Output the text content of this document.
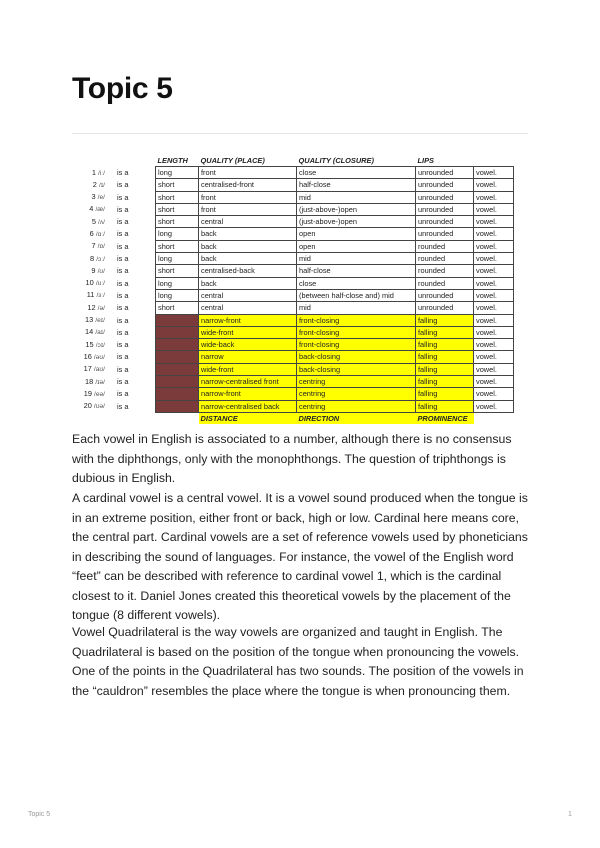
Topic 5
		LENGTH	QUALITY (PLACE)	QUALITY (CLOSURE)	LIPS	
1 /iː/	is a	long	front	close	unrounded	vowel.
2 /ɪ/	is a	short	centralised-front	half-close	unrounded	vowel.
3 /e/	is a	short	front	mid	unrounded	vowel.
4 /æ/	is a	short	front	(just-above-)open	unrounded	vowel.
5 /ʌ/	is a	short	central	(just-above-)open	unrounded	vowel.
6 /ɑː/	is a	long	back	open	unrounded	vowel.
7 /ɒ/	is a	short	back	open	rounded	vowel.
8 /ɔː/	is a	long	back	mid	rounded	vowel.
9 /ʊ/	is a	short	centralised-back	half-close	rounded	vowel.
10 /uː/	is a	long	back	close	rounded	vowel.
11 /ɜː/	is a	long	central	(between half-close and) mid	unrounded	vowel.
12 /ə/	is a	short	central	mid	unrounded	vowel.
13 /eɪ/	is a		narrow-front	front-closing	falling	vowel.
14 /aɪ/	is a		wide-front	front-closing	falling	vowel.
15 /ɔɪ/	is a		wide-back	front-closing	falling	vowel.
16 /əʊ/	is a		narrow	back-closing	falling	vowel.
17 /aʊ/	is a		wide-front	back-closing	falling	vowel.
18 /ɪə/	is a		narrow-centralised front	centring	falling	vowel.
19 /eə/	is a		narrow-front	centring	falling	vowel.
20 /ʊə/	is a		narrow-centralised back	centring	falling	vowel.
			DISTANCE	DIRECTION	PROMINENCE	

Each vowel in English is associated to a number, although there is no consensus with the diphthongs, only with the monophthongs. The question of triphthongs is dubious in English.

A cardinal vowel is a central vowel. It is a vowel sound produced when the tongue is in an extreme position, either front or back, high or low. Cardinal here means core, the central part. Cardinal vowels are a set of reference vowels used by phoneticians in describing the sound of languages. For instance, the vowel of the English word “feet” can be described with reference to cardinal vowel 1, which is the cardinal closest to it. Daniel Jones created this theoretical vowels by the placement of the tongue (8 different vowels).

Vowel Quadrilateral is the way vowels are organized and taught in English. The Quadrilateral is based on the position of the tongue when pronouncing the vowels. One of the points in the Quadrilateral has two sounds. The position of the vowels in the “cauldron” resembles the place where the tongue is when pronouncing them.

Topic 5	1
